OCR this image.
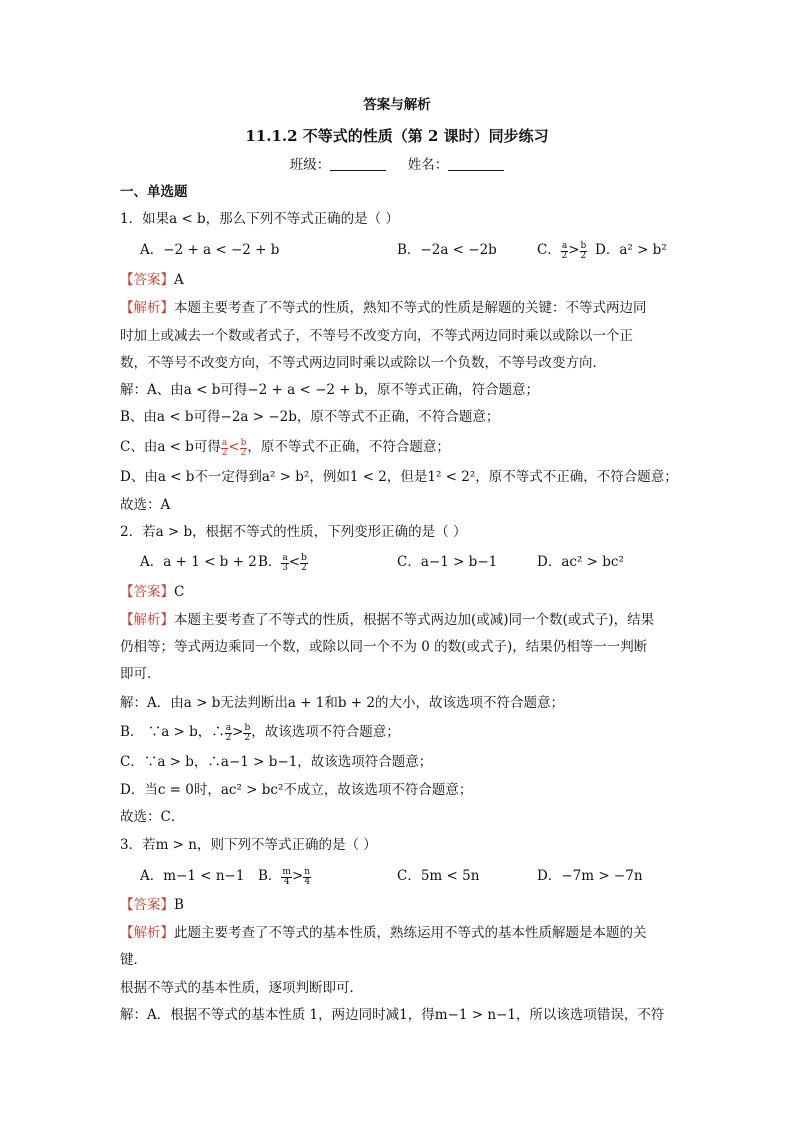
答案与解析
11.1.2 不等式的性质（第 2 课时）同步练习
班级：	姓名：
一、单选题
1．如果a < b，那么下列不等式正确的是（ ）
A．−2 + a < −2 + b	B．−2a < −2b	C． $\frac{a}{2} > \frac{b}{2}$ D．a² > b²
【答案】A
【解析】本题主要考查了不等式的性质，熟知不等式的性质是解题的关键：不等式两边同
时加上或减去一个数或者式子，不等号不改变方向，不等式两边同时乘以或除以一个正
数，不等号不改变方向，不等式两边同时乘以或除以一个负数，不等号改变方向．
解：A、由a < b可得−2 + a < −2 + b，原不等式正确，符合题意；
B、由a < b可得−2a > −2b，原不等式不正确，不符合题意；
C、由a < b可得 $\frac{a}{2} < \frac{b}{2}$ ，原不等式不正确，不符合题意；
D、由a < b不一定得到a² > b²，例如1 < 2，但是1² < 2²，原不等式不正确，不符合题意；
故选：A
2．若a > b，根据不等式的性质，下列变形正确的是（ ）
A．a + 1 < b + 2 B． $\frac{a}{3} < \frac{b}{2}$	C．a−1 > b−1	D．ac² > bc²
【答案】C
【解析】本题主要考查了不等式的性质，根据不等式两边加(或减)同一个数(或式子)，结果
仍相等；等式两边乘同一个数，或除以同一个不为 0 的数(或式子)，结果仍相等一一判断
即可．
解：A．由a > b无法判断出a + 1和b + 2的大小，故该选项不符合题意；
B． ∵a > b，∴ $\frac{a}{2} > \frac{b}{2}$ ，故该选项不符合题意；
C．∵a > b，∴a−1 > b−1，故该选项符合题意；
D．当c = 0时，ac² > bc²不成立，故该选项不符合题意；
故选：C．
3．若m > n，则下列不等式正确的是（ ）
A．m−1 < n−1 B． $\frac{m}{4} > \frac{n}{4}$	C．5m < 5n	D．−7m > −7n
【答案】B
【解析】此题主要考查了不等式的基本性质，熟练运用不等式的基本性质解题是本题的关
键．
根据不等式的基本性质，逐项判断即可．
解：A．根据不等式的基本性质 1，两边同时减1，得m−1 > n−1，所以该选项错误，不符
